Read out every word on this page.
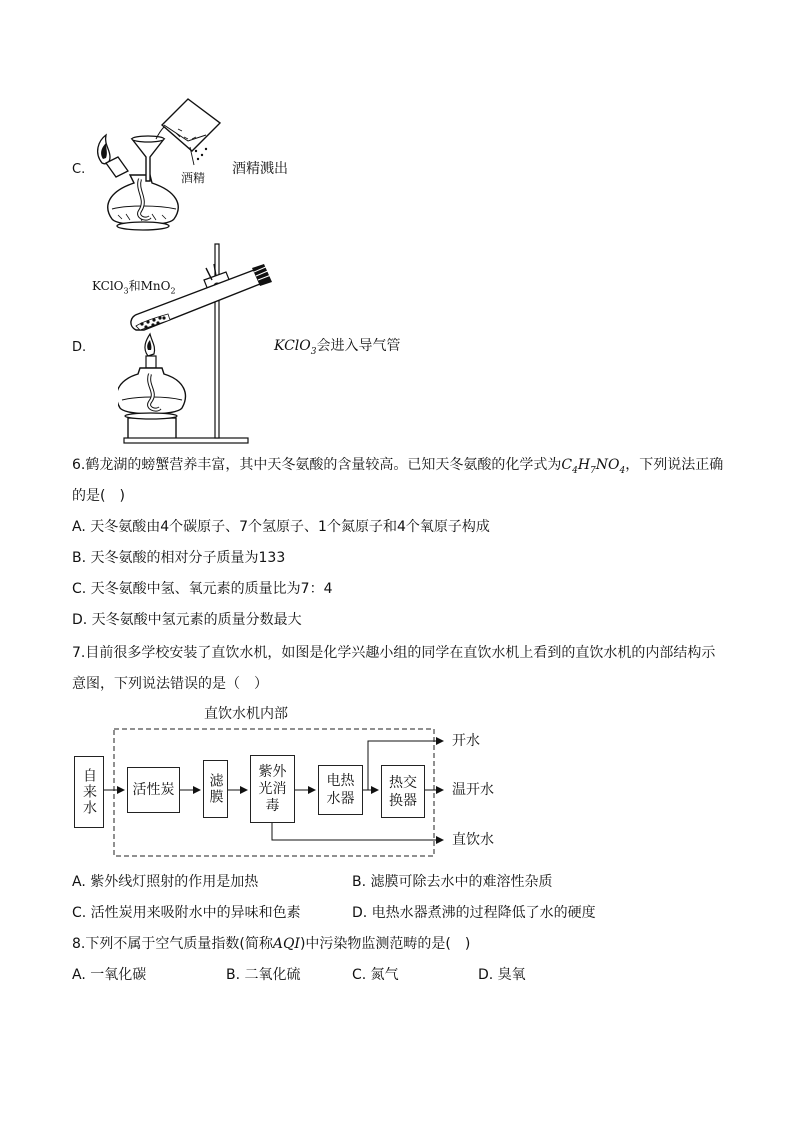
C.
酒精
酒精溅出
D.
KClO$_3$和MnO$_2$
KClO$_3$会进入导气管
6.鹤龙湖的螃蟹营养丰富，其中天冬氨酸的含量较高。已知天冬氨酸的化学式为$C_4H_7NO_4$，下列说法正确
的是(　)
A. 天冬氨酸由4个碳原子、7个氢原子、1个氮原子和4个氧原子构成
B. 天冬氨酸的相对分子质量为133
C. 天冬氨酸中氢、氧元素的质量比为7：4
D. 天冬氨酸中氢元素的质量分数最大
7.目前很多学校安装了直饮水机，如图是化学兴趣小组的同学在直饮水机上看到的直饮水机的内部结构示
意图，下列说法错误的是（　）
直饮水机内部
自来水	活性炭 滤膜
紫外光消毒
电热水器
热交换器
开水
温开水
直饮水
A. 紫外线灯照射的作用是加热	B. 滤膜可除去水中的难溶性杂质
C. 活性炭用来吸附水中的异味和色素	D. 电热水器煮沸的过程降低了水的硬度
8.下列不属于空气质量指数(简称AQI)中污染物监测范畴的是(　)
A. 一氧化碳	B. 二氧化硫	C. 氮气	D. 臭氧
